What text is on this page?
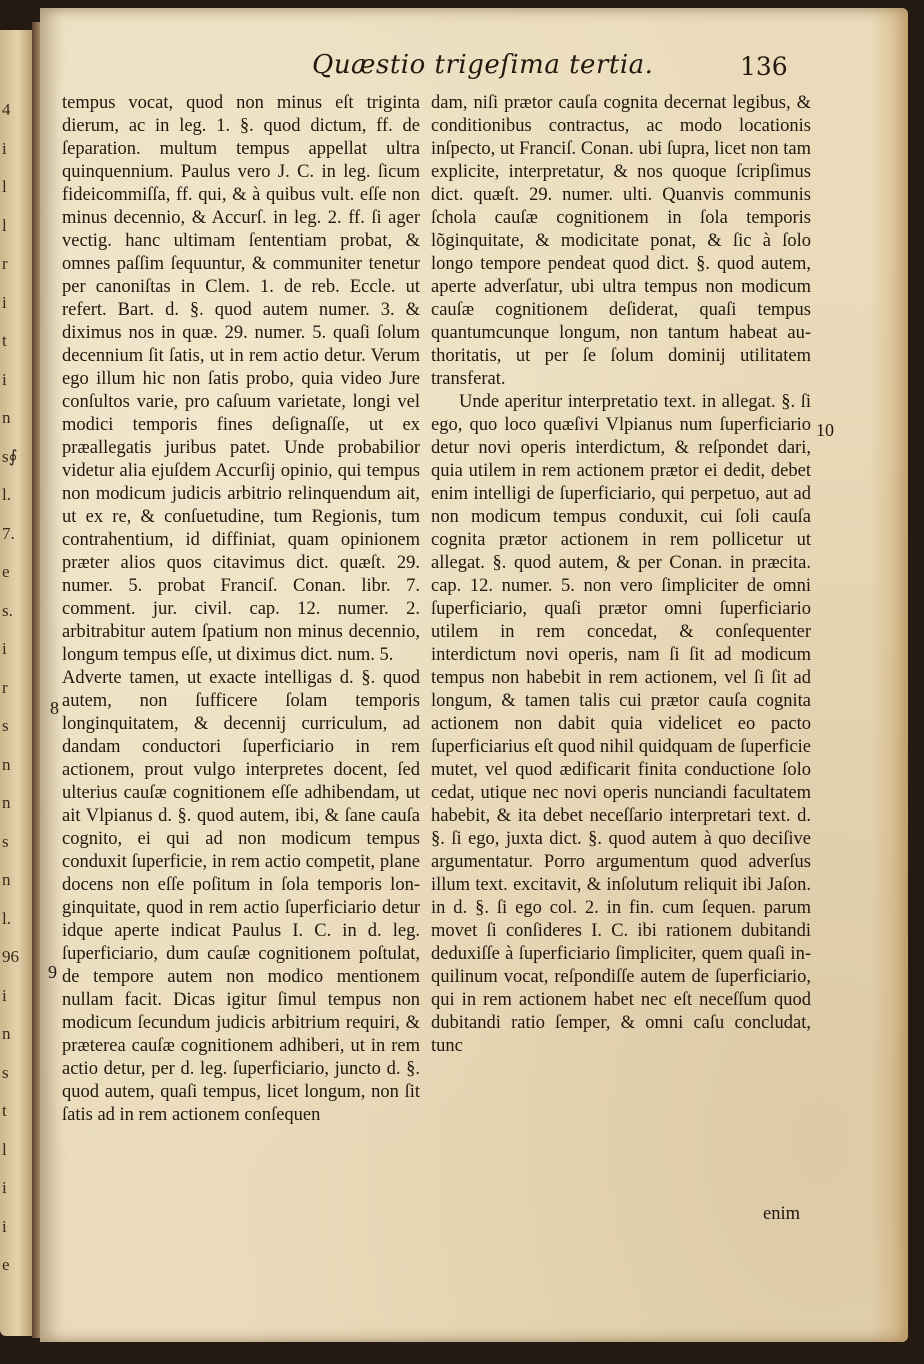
4
i
l
l
r
i
t
i
n
s∮
l.
7.
e
s.
i
r
s
n
n
s
n
l.
96
i
n
s
t
l
i
i
e
Quæstio trigeſima tertia.	136

tempus vocat, quod non minus eſt triginta dierum, ac in leg. 1. §. quod dictum, ff. de ſeparation. multum tempus appellat ultra quinquennium. Paulus vero J. C. in leg. ſicum fideicommiſſa, ff. qui, & à quibus vult. eſſe non minus decennio, & Accurſ. in leg. 2. ff. ſi ager vectig. hanc ultimam ſententiam probat, & omnes paſſim ſequuntur, & communiter tenetur per canoniſtas in Clem. 1. de reb. Eccle. ut refert. Bart. d. §. quod autem numer. 3. & diximus nos in quæ. 29. numer. 5. quaſi ſolum decennium ſit ſatis, ut in rem actio detur. Verum ego illum hic non ſatis probo, quia video Jure conſultos varie, pro caſuum varietate, longi vel modici temporis fines deſignaſſe, ut ex præallegatis juribus patet. Unde probabilior videtur alia ejuſdem Accurſij opinio, qui tempus non modicum judicis arbitrio relinquendum ait, ut ex re, & conſuetudine, tum Regionis, tum contrahentium, id diffiniat, quam opinionem præter alios quos citavimus dict. quæſt. 29. numer. 5. probat Franciſ. Conan. libr. 7. comment. jur. civil. cap. 12. numer. 2. arbitrabitur autem ſpatium non minus decennio, longum tempus eſſe, ut diximus dict. num. 5.

Adverte tamen, ut exacte intelligas d. §. quod autem, non ſufficere ſolam temporis longinquitatem, & decennij curriculum, ad dandam conductori ſuperficiario in rem actionem, prout vulgo interpretes docent, ſed ulterius cauſæ cognitionem eſſe adhibendam, ut ait Vlpianus d. §. quod autem, ibi, & ſane cauſa cognito, ei qui ad non modicum tempus conduxit ſuperficie, in rem actio competit, plane docens non eſſe poſitum in ſola temporis longinquitate, quod in rem actio ſuperficiario detur idque aperte indicat Paulus I. C. in d. leg. ſuperficiario, dum cauſæ cognitionem poſtulat, de tempore autem non modico mentionem nullam facit. Dicas igitur ſimul tempus non modicum ſecundum judicis arbitrium requiri, & præterea cauſæ cognitionem adhiberi, ut in rem actio detur, per d. leg. ſuperficiario, juncto d. §. quod autem, quaſi tempus, licet longum, non ſit ſatis ad in rem actionem conſequen

8
9

dam, niſi prætor cauſa cognita decernat legibus, & conditionibus contractus, ac modo locationis inſpecto, ut Franciſ. Conan. ubi ſupra, licet non tam explicite, interpretatur, & nos quoque ſcripſimus dict. quæſt. 29. numer. ulti. Quanvis communis ſchola cauſæ cognitionem in ſola temporis lõginquitate, & modicitate ponat, & ſic à ſolo longo tempore pendeat quod dict. §. quod autem, aperte adverſatur, ubi ultra tempus non modicum cauſæ cognitionem deſiderat, quaſi tempus quantumcunque longum, non tantum habeat authoritatis, ut per ſe ſolum dominij utilitatem transferat.

Unde aperitur interpretatio text. in allegat. §. ſi ego, quo loco quæſivi Vlpianus num ſuperficiario detur novi operis interdictum, & reſpondet dari, quia utilem in rem actionem prætor ei dedit, debet enim intelligi de ſuperficiario, qui perpetuo, aut ad non modicum tempus conduxit, cui ſoli cauſa cognita prætor actionem in rem pollicetur ut allegat. §. quod autem, & per Conan. in præcita. cap. 12. numer. 5. non vero ſimpliciter de omni ſuperficiario, quaſi prætor omni ſuperficiario utilem in rem concedat, & conſequenter interdictum novi operis, nam ſi ſit ad modicum tempus non habebit in rem actionem, vel ſi ſit ad longum, & tamen talis cui prætor cauſa cognita actionem non dabit quia videlicet eo pacto ſuperficiarius eſt quod nihil quidquam de ſuperficie mutet, vel quod ædificarit finita conductione ſolo cedat, utique nec novi operis nunciandi facultatem habebit, & ita debet neceſſario interpretari text. d. §. ſi ego, juxta dict. §. quod autem à quo deciſive argumentatur. Porro argumentum quod adverſus illum text. excitavit, & inſolutum reliquit ibi Jaſon. in d. §. ſi ego col. 2. in fin. cum ſequen. parum movet ſi conſideres I. C. ibi rationem dubitandi deduxiſſe à ſuperficiario ſimpliciter, quem quaſi inquilinum vocat, reſpondiſſe autem de ſuperficiario, qui in rem actionem habet nec eſt neceſſum quod dubitandi ratio ſemper, & omni caſu concludat, tunc

10
enim
